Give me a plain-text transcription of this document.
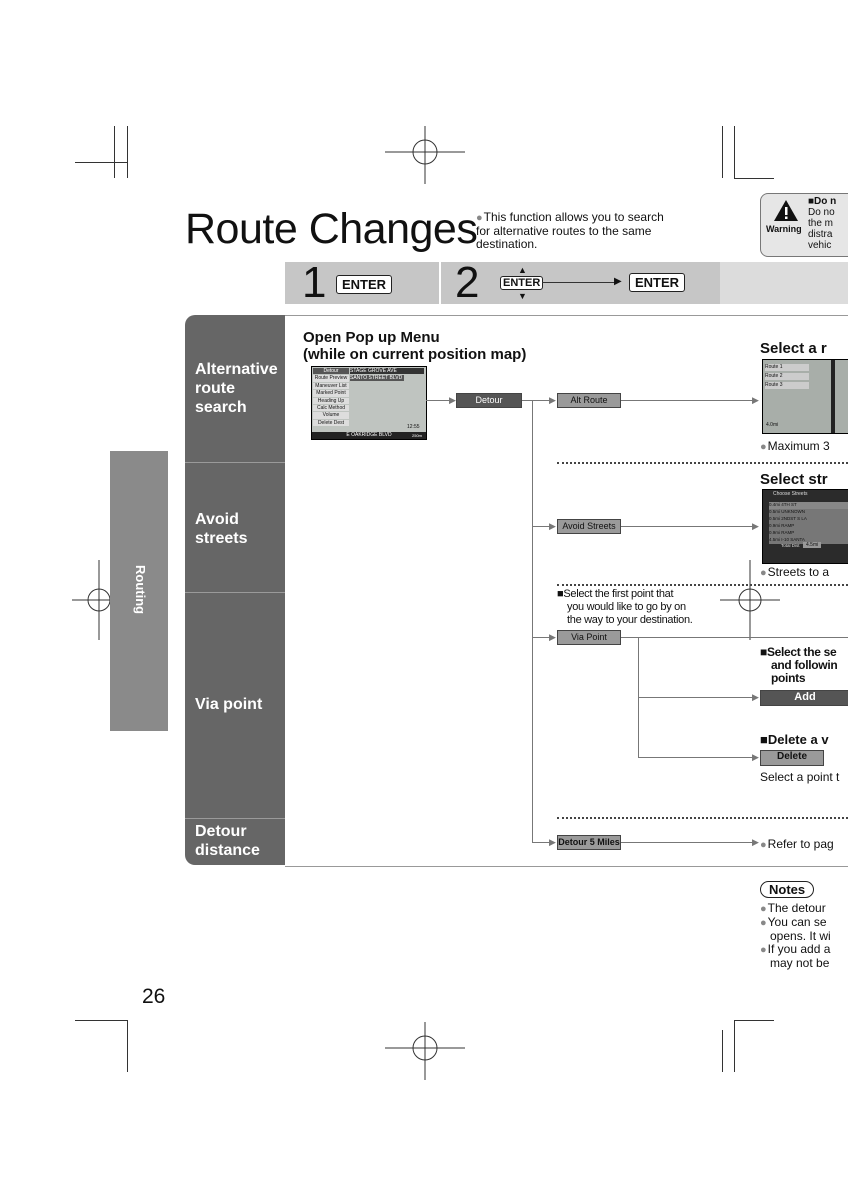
Routing
Route Changes
● This function allows you to search for alternative routes to the same destination.
Warning
■Do n
Do no
the m
distra
vehic
1	ENTER 2	▲
ENTER
▼
▶	ENTER
Alternative route search
Avoid streets
Via point
Detour distance
Open Pop up Menu
(while on current position map)
STAGE GROVE AVE
SANTO STREET BLVD
Detour
Route Preview
Maneuver List
Marked Point
Heading Up
Calc Method
Volume
Delete Dest
12:55
E OAKRIDGE BLVD	250m
▶	▶
▶
▶
▶
▶
▶
▶
▶
▶
Detour	Alt Route
Avoid Streets
Via Point
Detour 5 Miles
Add
Delete
Select a r
Route 1
Route 2
Route 3
4.0mi
● Maximum 3
Select str
Choose Streets
0.4mi 4TH ST
0.5mi UNKNOWN
0.5mi 2NDST S LA
0.9mi RAMP
0.9mi RAMP
4.5mi I-10 SANTA
Total Dist	4.5mi
● Streets to a
■Select the first point that
you would like to go by on
the way to your destination.
■Select the se
and followin
points
■Delete a v
Select a point t
● Refer to pag
Notes
● The detour
● You can se
opens. It wi
● If you add a
may not be
26
